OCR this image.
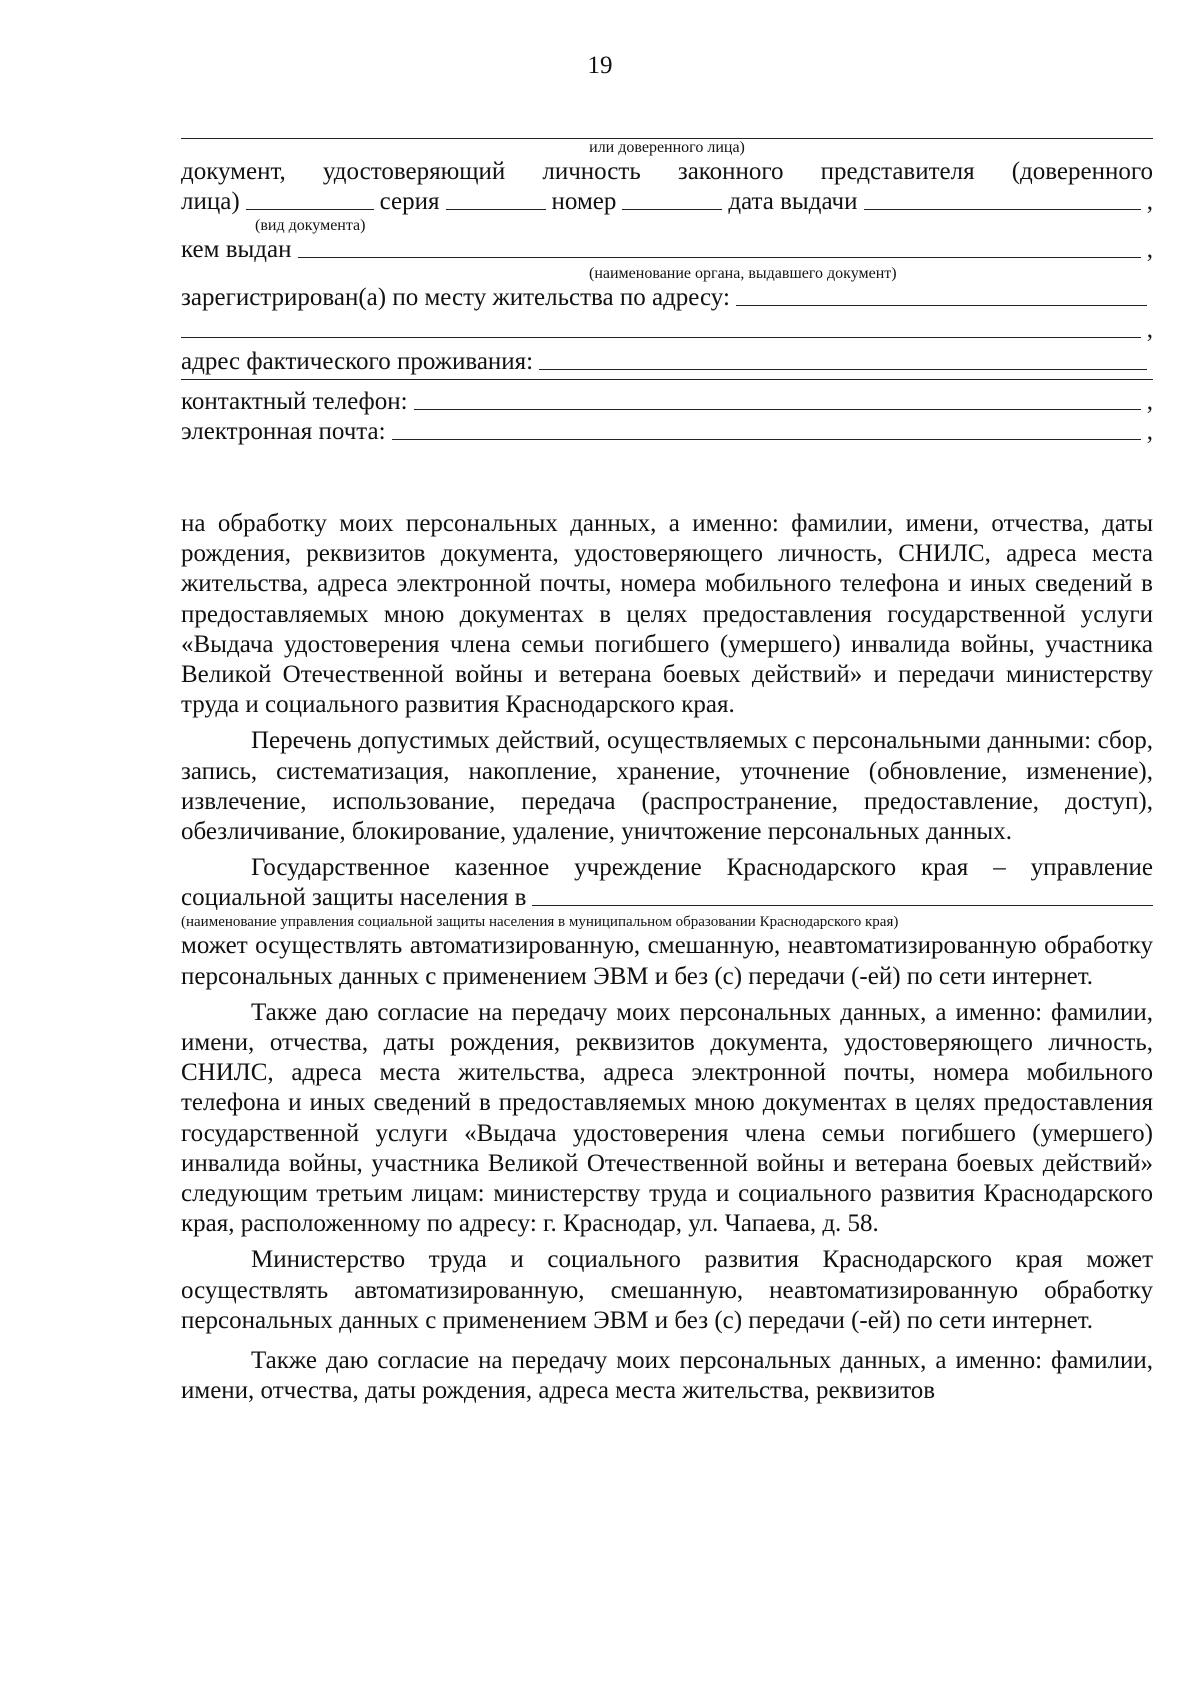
19
или доверенного лица)
документ, удостоверяющий личность законного представителя (доверенного
лица)	серия	номер	дата выдачи	,
(вид документа)
кем выдан	,
(наименование органа, выдавшего документ)
зарегистрирован(а) по месту жительства по адресу:
,
адрес фактического проживания:
контактный телефон:	,
электронная почта:	,

на обработку моих персональных данных, а именно: фамилии, имени, отчества, даты рождения, реквизитов документа, удостоверяющего личность, СНИЛС, адреса места жительства, адреса электронной почты, номера мобильного телефона и иных сведений в предоставляемых мною документах в целях предоставления государственной услуги «Выдача удостоверения члена семьи погибшего (умершего) инвалида войны, участника Великой Отечественной войны и ветерана боевых действий» и передачи министерству труда и социального развития Краснодарского края.

Перечень допустимых действий, осуществляемых с персональными данными: сбор, запись, систематизация, накопление, хранение, уточнение (обновление, изменение), извлечение, использование, передача (распространение, предоставление, доступ), обезличивание, блокирование, удаление, уничтожение персональных данных.

Государственное казенное учреждение Краснодарского края – управление
социальной защиты населения в
(наименование управления социальной защиты населения в муниципальном образовании Краснодарского края)

может осуществлять автоматизированную, смешанную, неавтоматизированную обработку персональных данных с применением ЭВМ и без (с) передачи (-ей) по сети интернет.

Также даю согласие на передачу моих персональных данных, а именно: фамилии, имени, отчества, даты рождения, реквизитов документа, удостоверяющего личность, СНИЛС, адреса места жительства, адреса электронной почты, номера мобильного телефона и иных сведений в предоставляемых мною документах в целях предоставления государственной услуги «Выдача удостоверения члена семьи погибшего (умершего) инвалида войны, участника Великой Отечественной войны и ветерана боевых действий» следующим третьим лицам: министерству труда и социального развития Краснодарского края, расположенному по адресу: г. Краснодар, ул. Чапаева, д. 58.

Министерство труда и социального развития Краснодарского края может осуществлять автоматизированную, смешанную, неавтоматизированную обработку персональных данных с применением ЭВМ и без (с) передачи (-ей) по сети интернет.

Также даю согласие на передачу моих персональных данных, а именно: фамилии, имени, отчества, даты рождения, адреса места жительства, реквизитов
